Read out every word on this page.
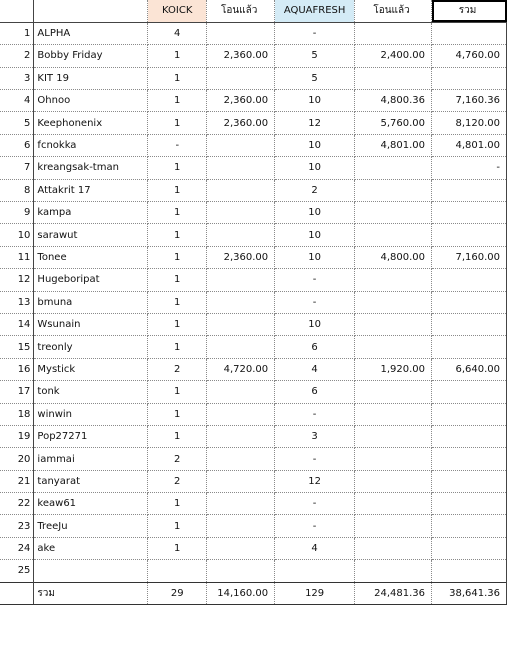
		KOICK	โอนแล้ว	AQUAFRESH	โอนแล้ว	รวม
1	ALPHA	4		-		
2	Bobby Friday	1	2,360.00	5	2,400.00	4,760.00
3	KIT 19	1		5		
4	Ohnoo	1	2,360.00	10	4,800.36	7,160.36
5	Keephonenix	1	2,360.00	12	5,760.00	8,120.00
6	fcnokka	-		10	4,801.00	4,801.00
7	kreangsak-tman	1		10		-
8	Attakrit 17	1		2		
9	kampa	1		10		
10	sarawut	1		10		
11	Tonee	1	2,360.00	10	4,800.00	7,160.00
12	Hugeboripat	1		-		
13	bmuna	1		-		
14	Wsunain	1		10		
15	treonly	1		6		
16	Mystick	2	4,720.00	4	1,920.00	6,640.00
17	tonk	1		6		
18	winwin	1		-		
19	Pop27271	1		3		
20	iammai	2		-		
21	tanyarat	2		12		
22	keaw61	1		-		
23	TreeJu	1		-		
24	ake	1		4		
25						
	รวม	29	14,160.00	129	24,481.36	38,641.36
